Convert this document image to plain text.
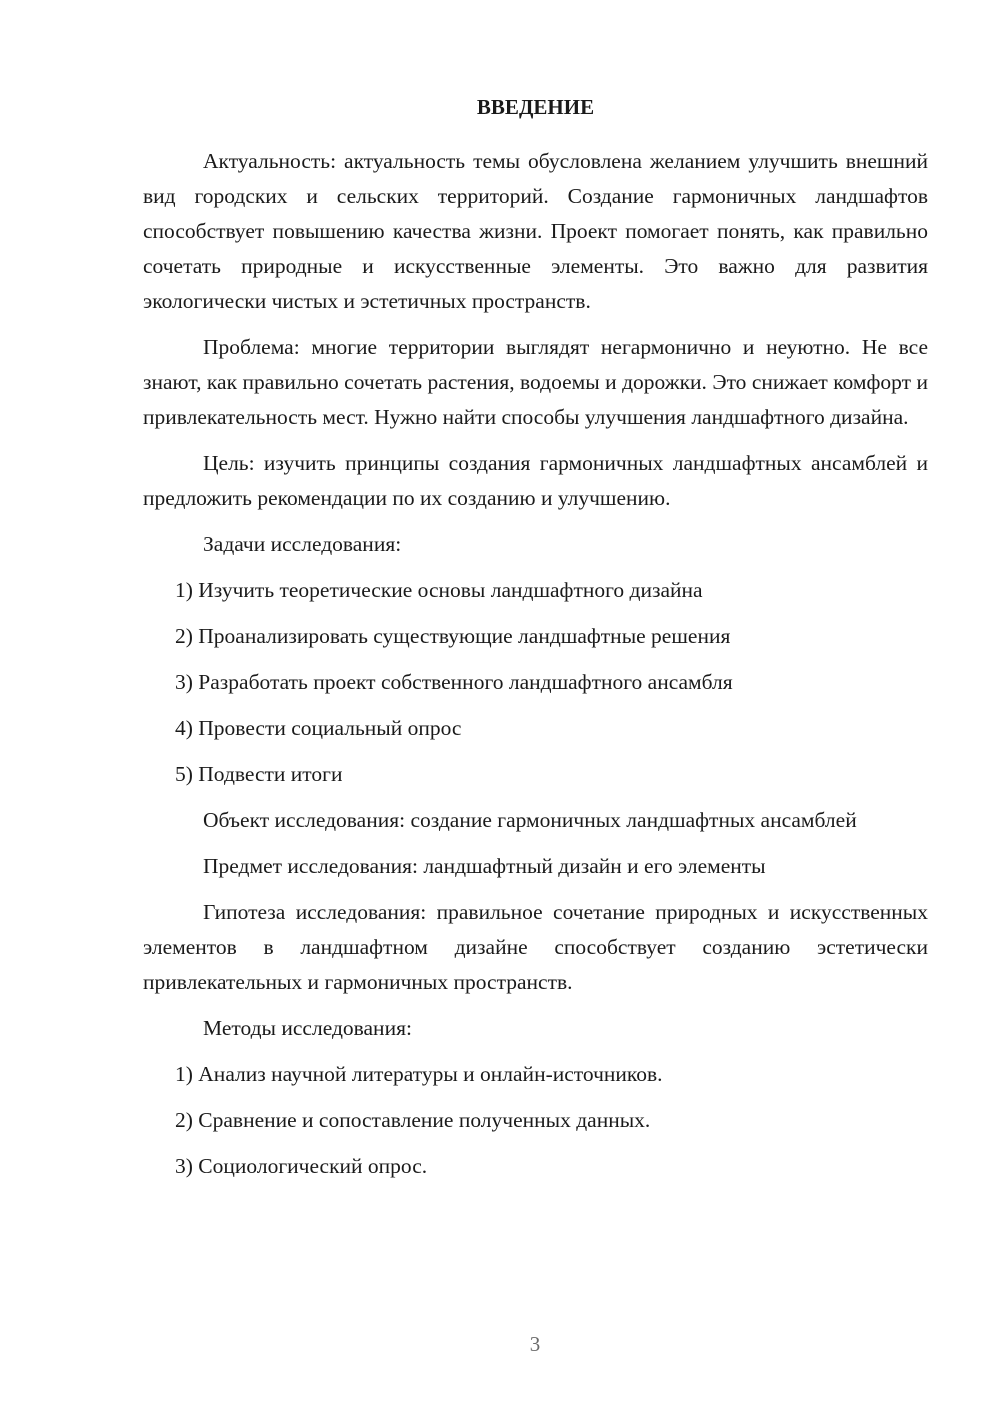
ВВЕДЕНИЕ

Актуальность: актуальность темы обусловлена желанием улучшить внешний вид городских и сельских территорий. Создание гармоничных ландшафтов способствует повышению качества жизни. Проект помогает понять, как правильно сочетать природные и искусственные элементы. Это важно для развития экологически чистых и эстетичных пространств.

Проблема: многие территории выглядят негармонично и неуютно. Не все знают, как правильно сочетать растения, водоемы и дорожки. Это снижает комфорт и привлекательность мест. Нужно найти способы улучшения ландшафтного дизайна.

Цель: изучить принципы создания гармоничных ландшафтных ансамблей и предложить рекомендации по их созданию и улучшению.

Задачи исследования:

1) Изучить теоретические основы ландшафтного дизайна
2) Проанализировать существующие ландшафтные решения
3) Разработать проект собственного ландшафтного ансамбля
4) Провести социальный опрос
5) Подвести итоги

Объект исследования: создание гармоничных ландшафтных ансамблей

Предмет исследования: ландшафтный дизайн и его элементы

Гипотеза исследования: правильное сочетание природных и искусственных элементов в ландшафтном дизайне способствует созданию эстетически привлекательных и гармоничных пространств.

Методы исследования:

1) Анализ научной литературы и онлайн-источников.
2) Сравнение и сопоставление полученных данных.
3) Социологический опрос.
3
